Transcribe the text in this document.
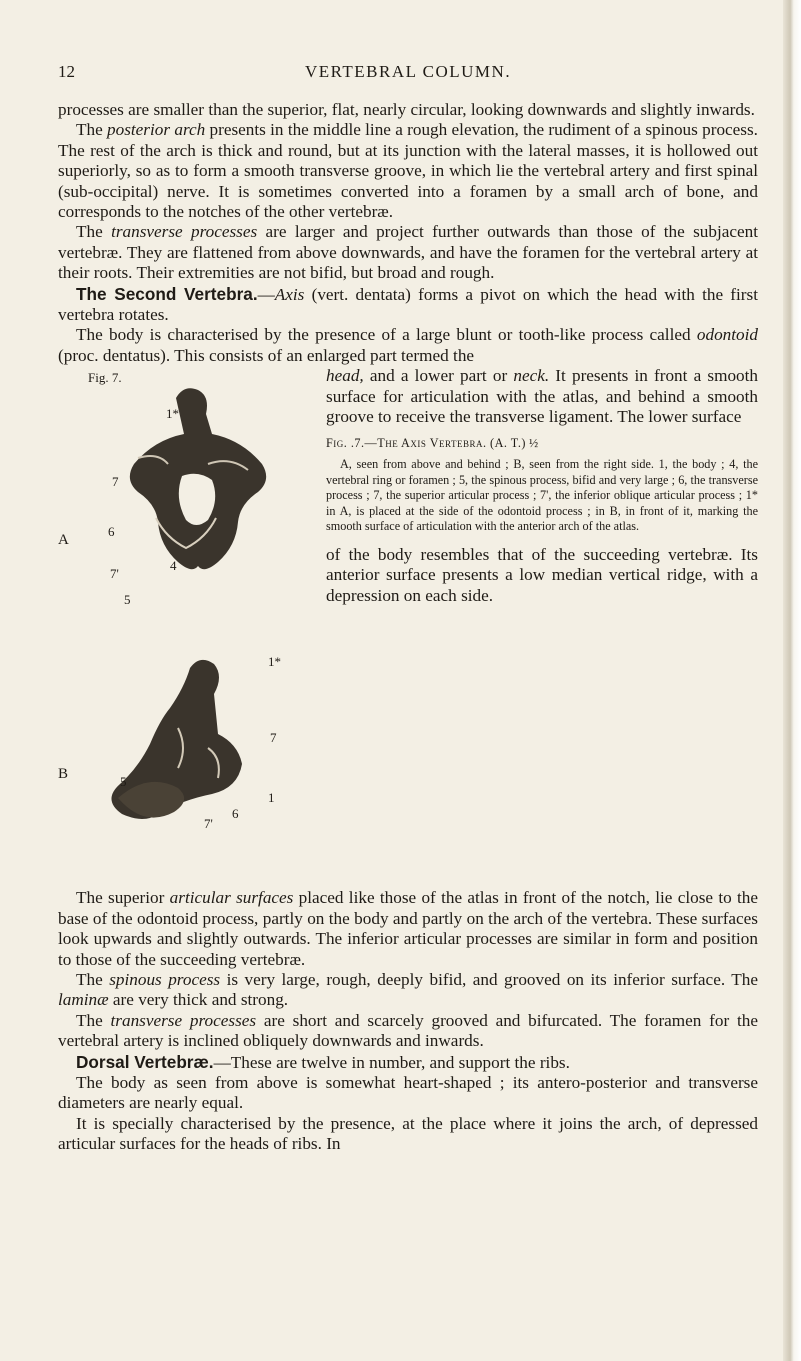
VERTEBRAL COLUMN.
12

processes are smaller than the superior, flat, nearly circular, looking downwards and slightly inwards.

The posterior arch presents in the middle line a rough elevation, the rudiment of a spinous process. The rest of the arch is thick and round, but at its junction with the lateral masses, it is hollowed out superiorly, so as to form a smooth transverse groove, in which lie the vertebral artery and first spinal (sub-occipital) nerve. It is sometimes converted into a foramen by a small arch of bone, and corresponds to the notches of the other vertebræ.

The transverse processes are larger and project further outwards than those of the subjacent vertebræ. They are flattened from above downwards, and have the foramen for the vertebral artery at their roots. Their extremities are not bifid, but broad and rough.

The Second Vertebra.—Axis (vert. dentata) forms a pivot on which the head with the first vertebra rotates.

The body is characterised by the presence of a large blunt or tooth-like process called odontoid (proc. dentatus). This consists of an enlarged part termed the

Fig. 7.
A
B
1*
7
6
4
5
7'
1*
7
5
6
1
7'

head, and a lower part or neck. It presents in front a smooth surface for articulation with the atlas, and behind a smooth groove to receive the transverse ligament. The lower surface

Fig. .7.—The Axis Vertebra. (A. T.) ½
A, seen from above and behind ; B, seen from the right side. 1, the body ; 4, the vertebral ring or foramen ; 5, the spinous process, bifid and very large ; 6, the transverse process ; 7, the superior articular process ; 7', the inferior oblique articular process ; 1* in A, is placed at the side of the odontoid process ; in B, in front of it, marking the smooth surface of articulation with the anterior arch of the atlas.

of the body resembles that of the succeeding vertebræ. Its anterior surface presents a low median vertical ridge, with a depression on each side.

The superior articular surfaces placed like those of the atlas in front of the notch, lie close to the base of the odontoid process, partly on the body and partly on the arch of the vertebra. These surfaces look upwards and slightly outwards. The inferior articular processes are similar in form and position to those of the succeeding vertebræ.

The spinous process is very large, rough, deeply bifid, and grooved on its inferior surface. The laminæ are very thick and strong.

The transverse processes are short and scarcely grooved and bifurcated. The foramen for the vertebral artery is inclined obliquely downwards and inwards.

Dorsal Vertebræ.—These are twelve in number, and support the ribs.

The body as seen from above is somewhat heart-shaped ; its antero-posterior and transverse diameters are nearly equal.

It is specially characterised by the presence, at the place where it joins the arch, of depressed articular surfaces for the heads of ribs. In
